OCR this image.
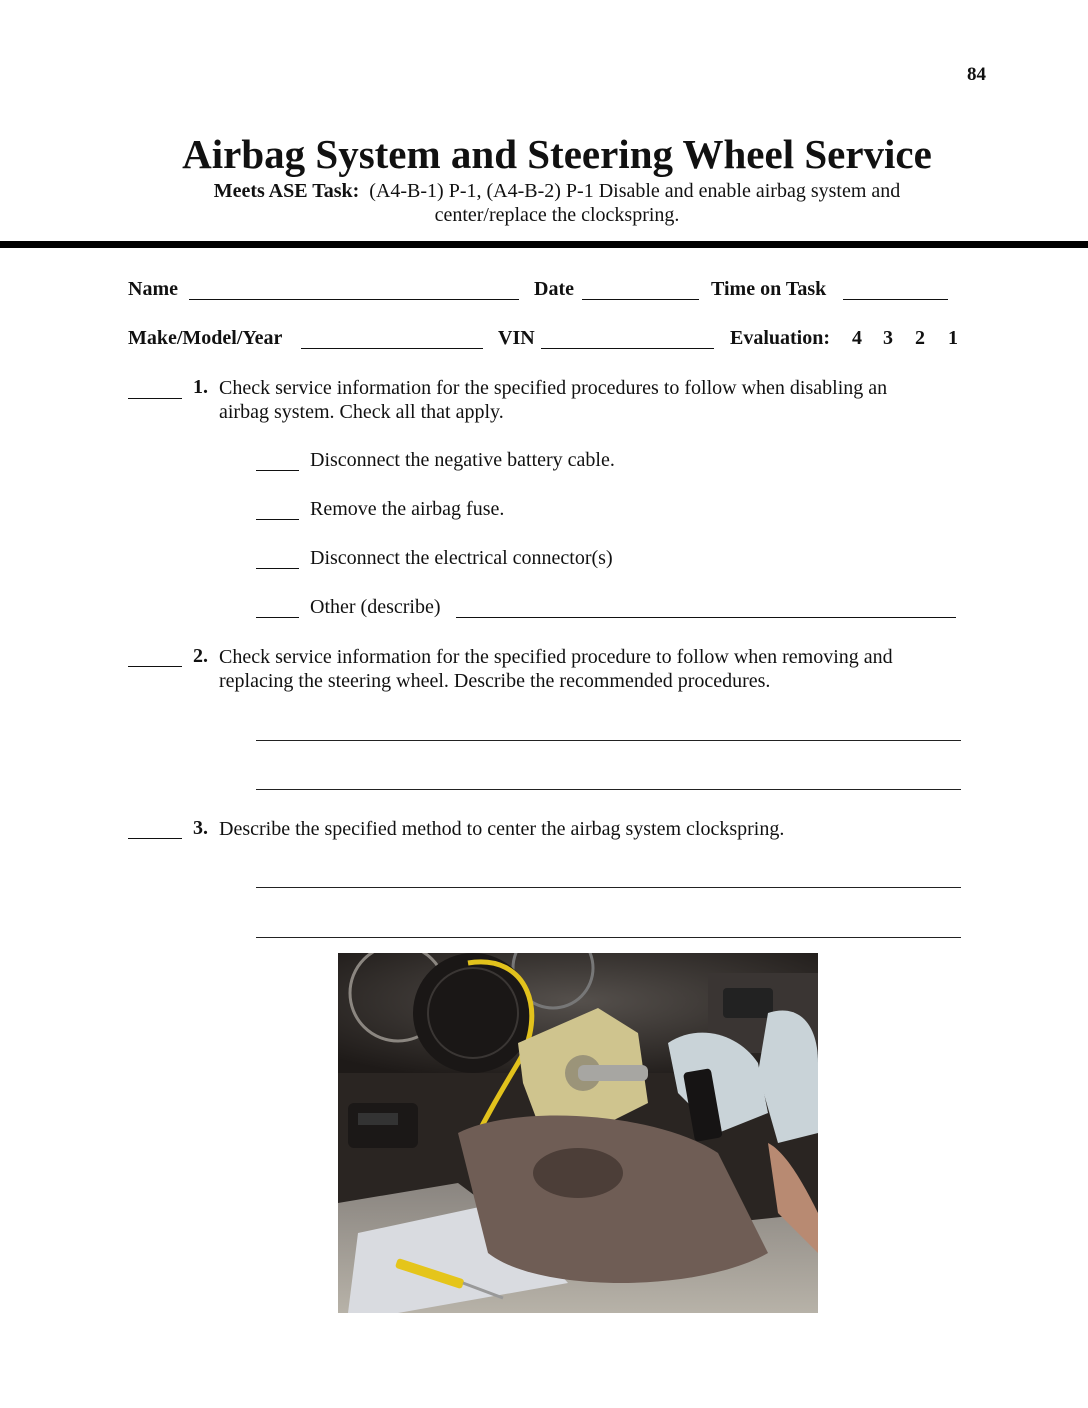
84
Airbag System and Steering Wheel Service
Meets ASE Task: (A4-B-1) P-1, (A4-B-2) P-1 Disable and enable airbag system and
center/replace the clockspring.
Name	Date	Time on Task
Make/Model/Year	VIN	Evaluation: 4 3 2 1
1. Check service information for the specified procedures to follow when disabling an
airbag system. Check all that apply.
Disconnect the negative battery cable.
Remove the airbag fuse.
Disconnect the electrical connector(s)
Other (describe)
2. Check service information for the specified procedure to follow when removing and
replacing the steering wheel. Describe the recommended procedures.
3. Describe the specified method to center the airbag system clockspring.
